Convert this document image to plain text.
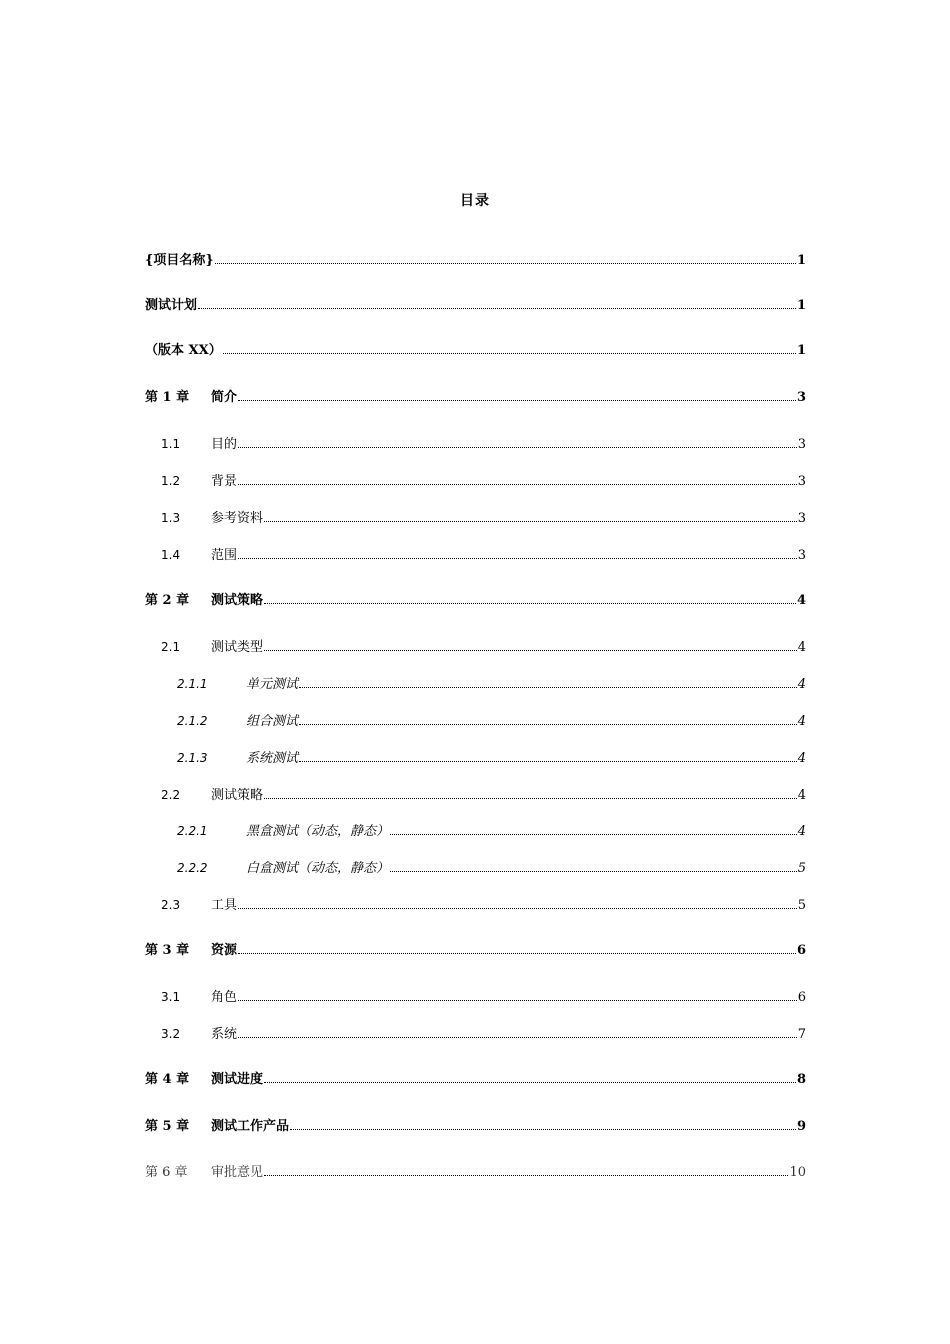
目录
{项目名称}	1
测试计划	1
（版本 XX）	1
第 1 章	简介	3
1.1	目的	3
1.2	背景	3
1.3	参考资料	3
1.4	范围	3
第 2 章	测试策略	4
2.1	测试类型	4
2.1.1	单元测试	4
2.1.2	组合测试	4
2.1.3	系统测试	4
2.2	测试策略	4
2.2.1	黑盒测试（动态，静态）	4
2.2.2	白盒测试（动态，静态）	5
2.3	工具	5
第 3 章	资源	6
3.1	角色	6
3.2	系统	7
第 4 章	测试进度	8
第 5 章	测试工作产品	9
第 6 章	审批意见	10
